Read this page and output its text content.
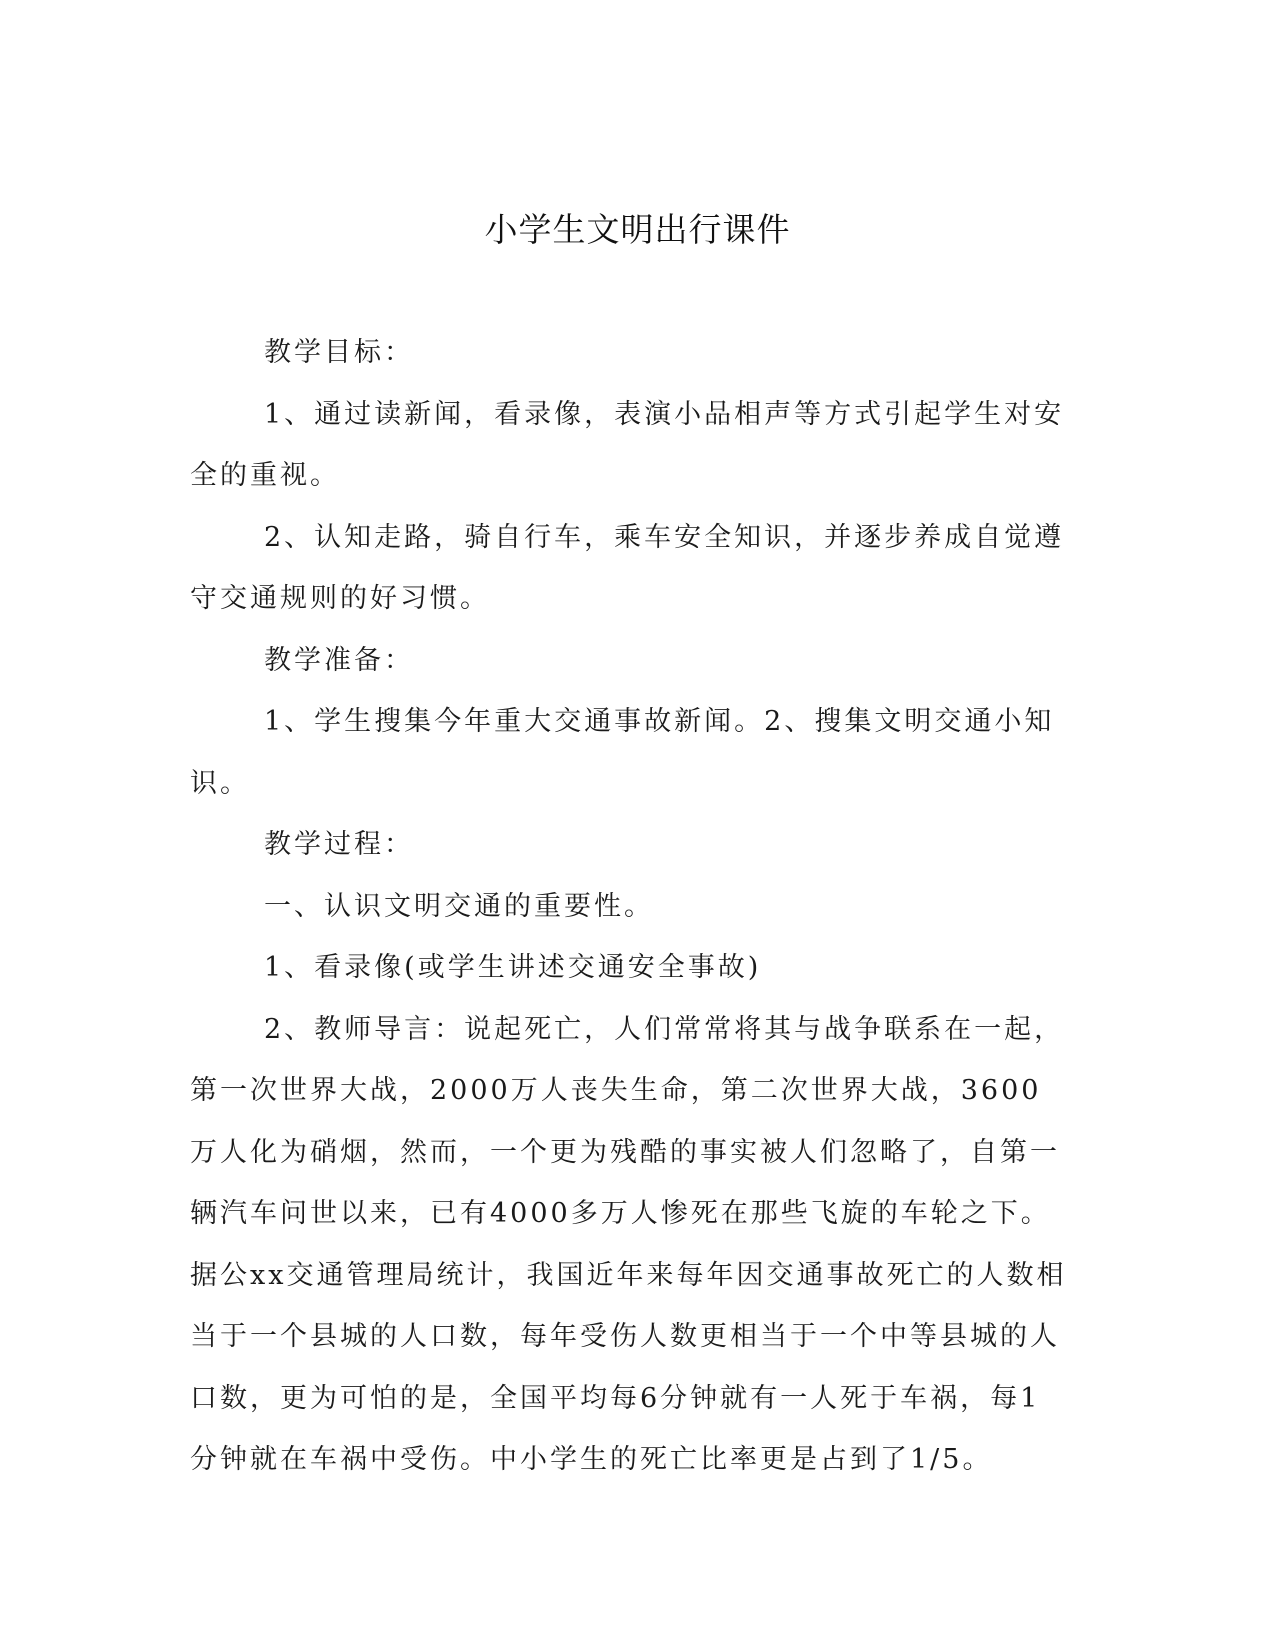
小学生文明出行课件

教学目标：

1、通过读新闻，看录像，表演小品相声等方式引起学生对安全的重视。

2、认知走路，骑自行车，乘车安全知识，并逐步养成自觉遵守交通规则的好习惯。

教学准备：

1、学生搜集今年重大交通事故新闻。2、搜集文明交通小知识。

教学过程：

一、认识文明交通的重要性。

1、看录像(或学生讲述交通安全事故)

2、教师导言：说起死亡，人们常常将其与战争联系在一起，第一次世界大战，2000万人丧失生命，第二次世界大战，3600万人化为硝烟，然而，一个更为残酷的事实被人们忽略了，自第一辆汽车问世以来，已有4000多万人惨死在那些飞旋的车轮之下。据公xx交通管理局统计，我国近年来每年因交通事故死亡的人数相当于一个县城的人口数，每年受伤人数更相当于一个中等县城的人口数，更为可怕的是，全国平均每6分钟就有一人死于车祸，每1分钟就在车祸中受伤。中小学生的死亡比率更是占到了1/5。
